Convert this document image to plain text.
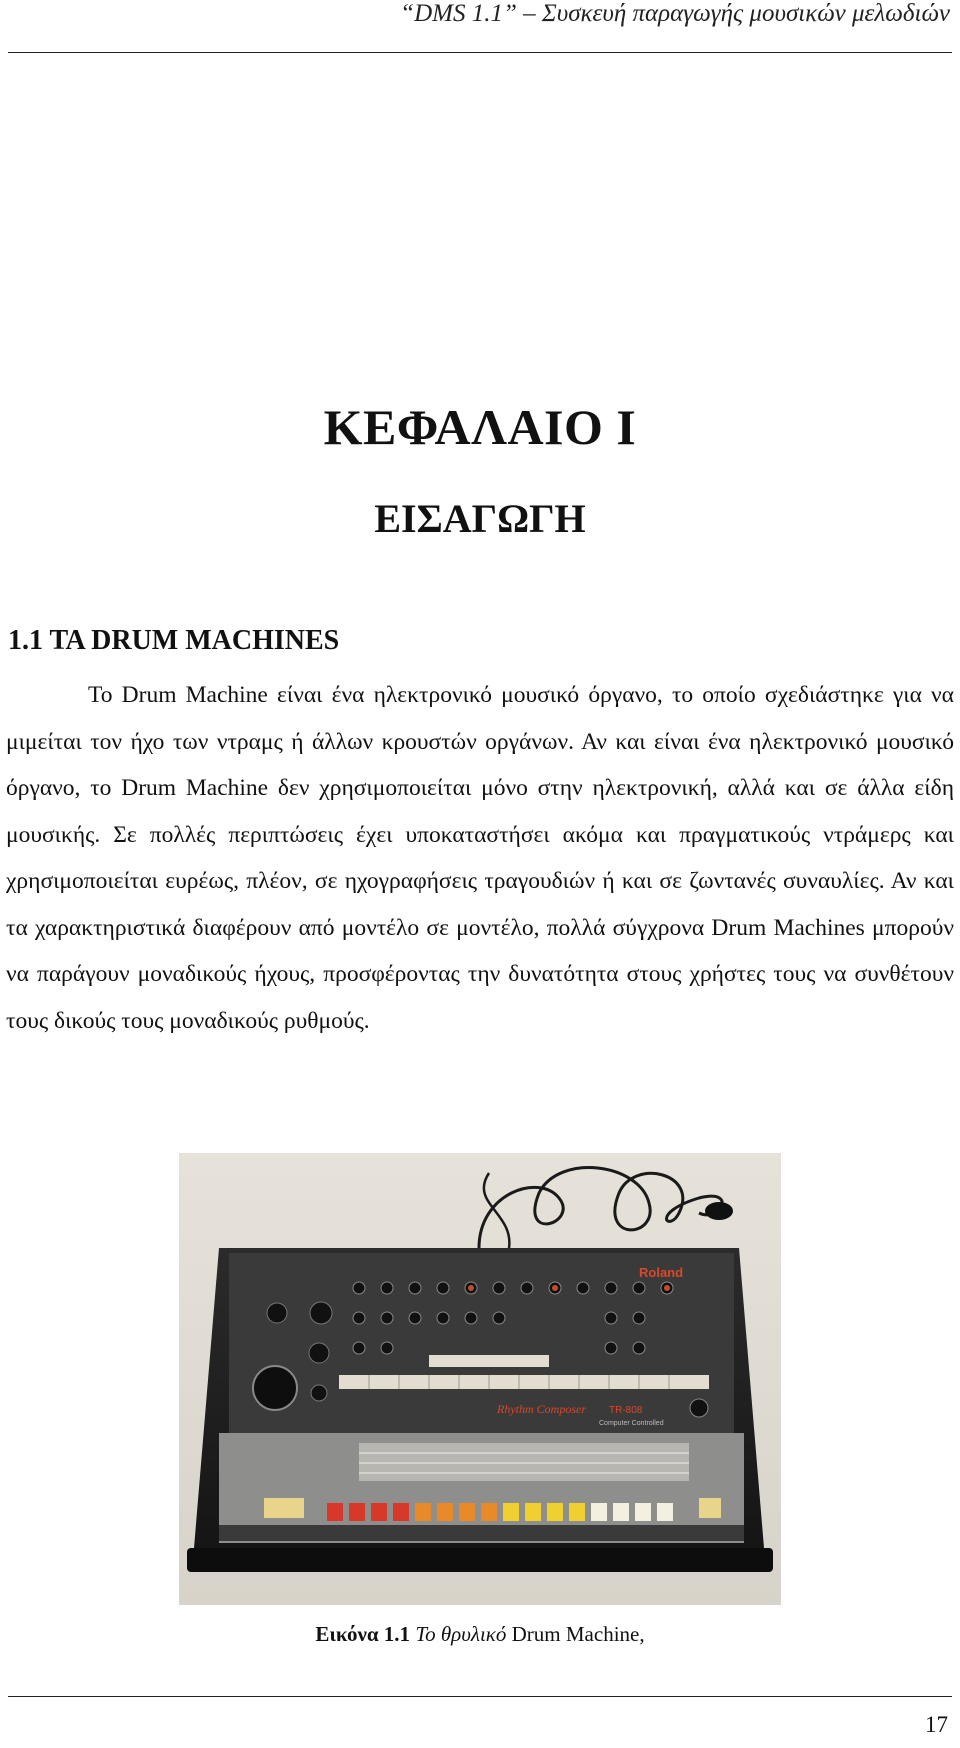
“DMS 1.1” – Συσκευή παραγωγής μουσικών μελωδιών
ΚΕΦΑΛΑΙΟ Ι
ΕΙΣΑΓΩΓΗ
1.1 ΤΑ DRUM MACHINES
Το Drum Machine είναι ένα ηλεκτρονικό μουσικό όργανο, το οποίο σχεδιάστηκε για να μιμείται τον ήχο των ντραμς ή άλλων κρουστών οργάνων. Αν και είναι ένα ηλεκτρονικό μουσικό όργανο, το Drum Machine δεν χρησιμοποιείται μόνο στην ηλεκτρονική, αλλά και σε άλλα είδη μουσικής. Σε πολλές περιπτώσεις έχει υποκαταστήσει ακόμα και πραγματικούς ντράμερς και χρησιμοποιείται ευρέως, πλέον, σε ηχογραφήσεις τραγουδιών ή και σε ζωντανές συναυλίες. Αν και τα χαρακτηριστικά διαφέρουν από μοντέλο σε μοντέλο, πολλά σύγχρονα Drum Machines μπορούν να παράγουν μοναδικούς ήχους, προσφέροντας την δυνατότητα στους χρήστες τους να συνθέτουν τους δικούς τους μοναδικούς ρυθμούς.
Roland
Rhythm Composer TR-808
Computer Controlled
Εικόνα 1.1 Το θρυλικό Drum Machine,
17
